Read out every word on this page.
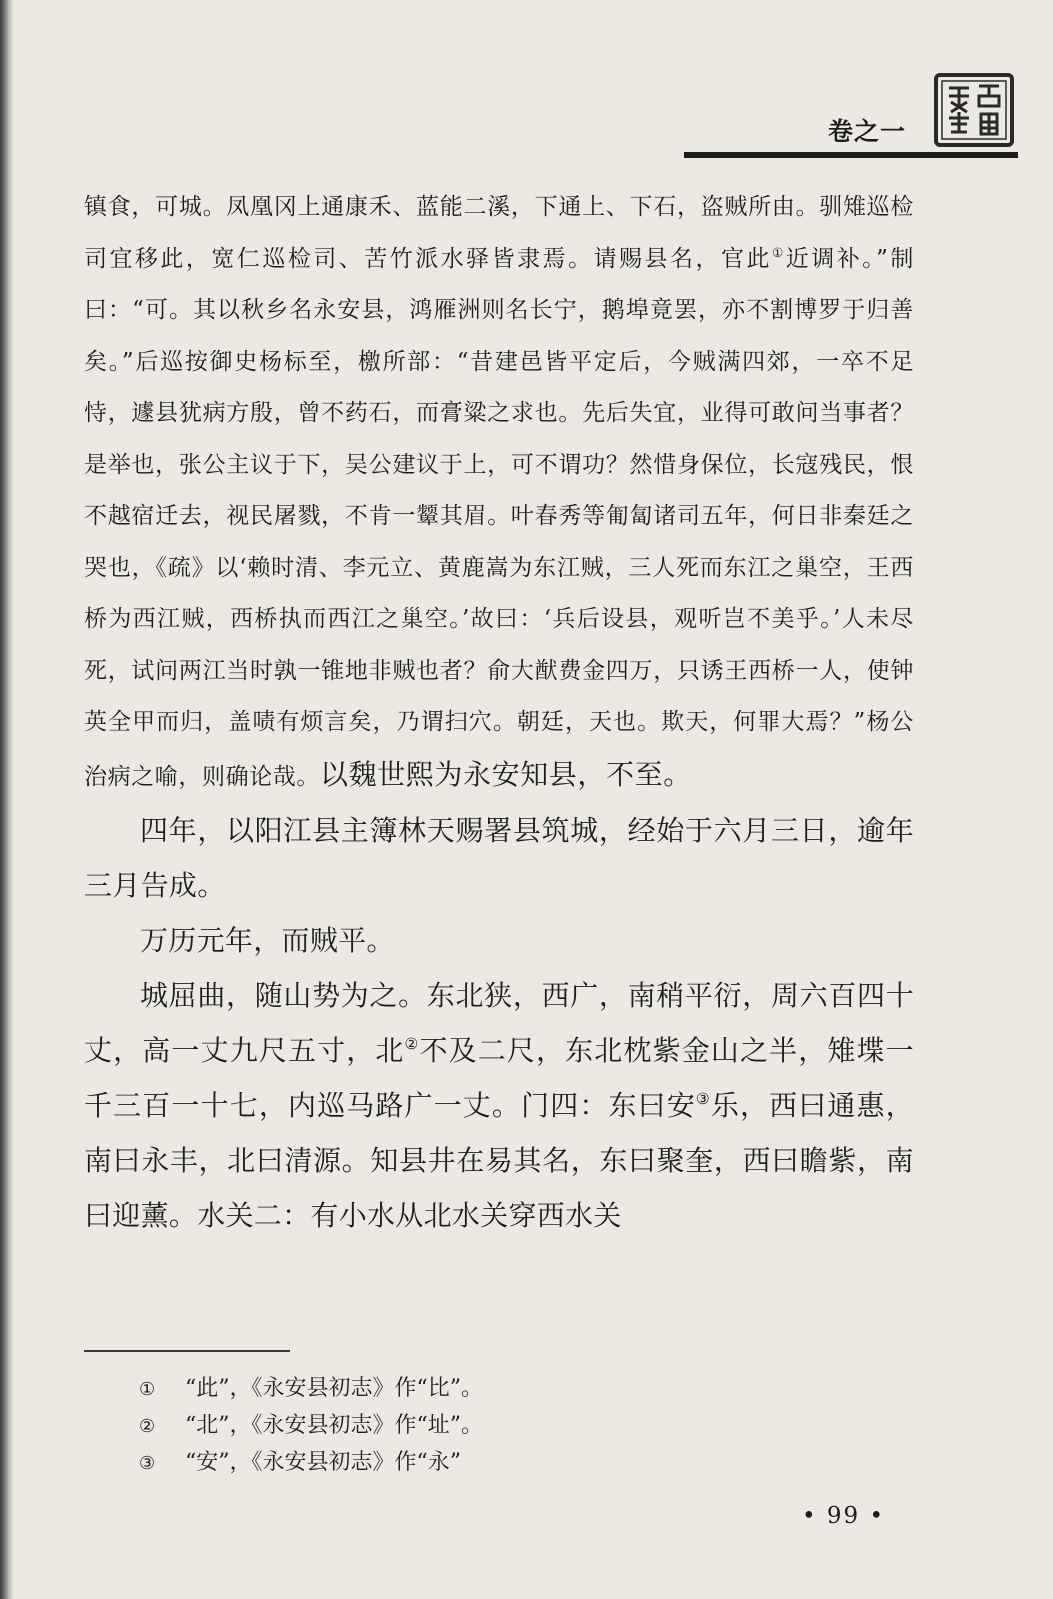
卷之一

镇食，可城。凤凰冈上通康禾、蓝能二溪，下通上、下石，盗贼所由。驯雉巡检司宜移此，宽仁巡检司、苦竹派水驿皆隶焉。请赐县名，官此①近调补。”制曰：“可。其以秋乡名永安县，鸿雁洲则名长宁，鹅埠竟罢，亦不割博罗于归善矣。”后巡按御史杨标至，檄所部：“昔建邑皆平定后，今贼满四郊，一卒不足恃，遽县犹病方殷，曾不药石，而膏粱之求也。先后失宜，业得可敢问当事者？是举也，张公主议于下，吴公建议于上，可不谓功？然惜身保位，长寇残民，恨不越宿迁去，视民屠戮，不肯一颦其眉。叶春秀等匍匐诸司五年，何日非秦廷之哭也，《疏》以‘赖时清、李元立、黄鹿嵩为东江贼，三人死而东江之巢空，王西桥为西江贼，西桥执而西江之巢空。’故曰：‘兵后设县，观听岂不美乎。’人未尽死，试问两江当时孰一锥地非贼也者？俞大猷费金四万，只诱王西桥一人，使钟英全甲而归，盖啧有烦言矣，乃谓扫穴。朝廷，天也。欺天，何罪大焉？”杨公治病之喻，则确论哉。以魏世熙为永安知县，不至。

四年，以阳江县主簿林天赐署县筑城，经始于六月三日，逾年三月告成。

万历元年，而贼平。

城屈曲，随山势为之。东北狭，西广，南稍平衍，周六百四十丈，高一丈九尺五寸，北②不及二尺，东北枕紫金山之半，雉堞一千三百一十七，内巡马路广一丈。门四：东曰安③乐，西曰通惠，南曰永丰，北曰清源。知县井在易其名，东曰聚奎，西曰瞻紫，南曰迎薰。水关二：有小水从北水关穿西水关

① “此”，《永安县初志》作“比”。
② “北”，《永安县初志》作“址”。
③ “安”，《永安县初志》作“永”
• 99 •
